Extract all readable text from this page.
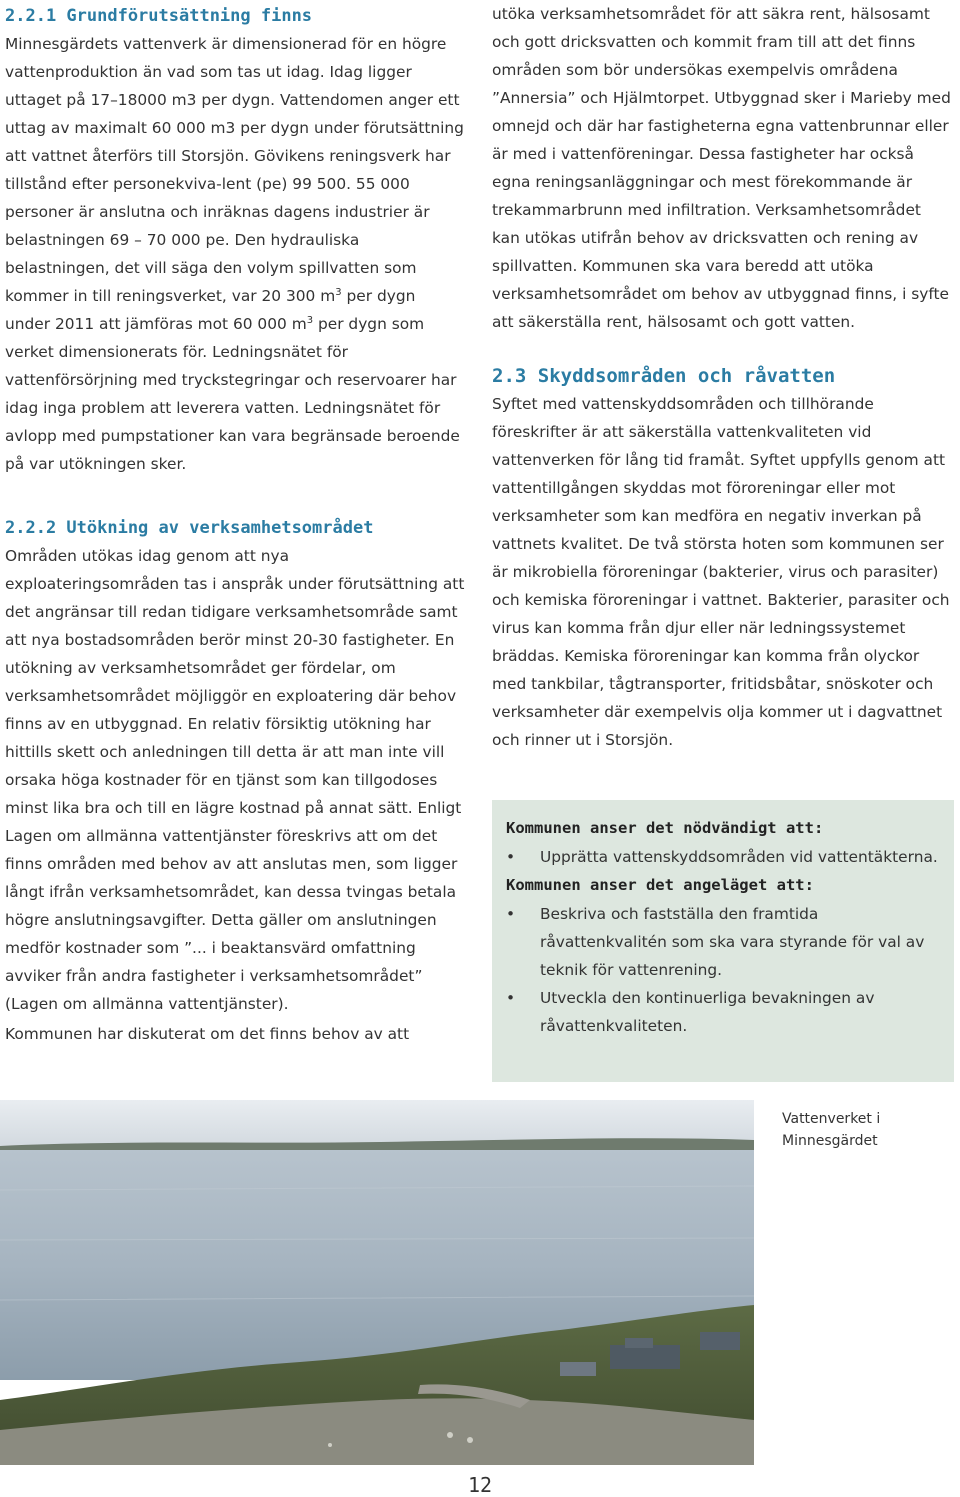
2.2.1 Grundförutsättning finns

Minnesgärdets vattenverk är dimensionerad för en högre vattenproduktion än vad som tas ut idag. Idag ligger uttaget på 17–18000 m3 per dygn. Vattendomen anger ett uttag av maximalt 60 000 m3 per dygn under förutsättning att vattnet återförs till Storsjön. Gövikens reningsverk har tillstånd efter personekviva-lent (pe) 99 500. 55 000 personer är anslutna och inräknas dagens industrier är belastningen 69 – 70 000 pe. Den hydrauliska belastningen, det vill säga den volym spillvatten som kommer in till reningsverket, var 20 300 $m^3$ per dygn under 2011 att jämföras mot 60 000 $m^3$ per dygn som verket dimensionerats för. Ledningsnätet för vattenförsörjning med tryckstegringar och reservoarer har idag inga problem att leverera vatten. Ledningsnätet för avlopp med pumpstationer kan vara begränsade beroende på var utökningen sker.

2.2.2 Utökning av verksamhetsområdet

Områden utökas idag genom att nya exploateringsområden tas i anspråk under förutsättning att det angränsar till redan tidigare verksamhetsområde samt att nya bostadsområden berör minst 20-30 fastigheter. En utökning av verksamhetsområdet ger fördelar, om verksamhetsområdet möjliggör en exploatering där behov finns av en utbyggnad. En relativ försiktig utökning har hittills skett och anledningen till detta är att man inte vill orsaka höga kostnader för en tjänst som kan tillgodoses minst lika bra och till en lägre kostnad på annat sätt. Enligt Lagen om allmänna vattentjänster föreskrivs att om det finns områden med behov av att anslutas men, som ligger långt ifrån verksamhetsområdet, kan dessa tvingas betala högre anslutningsavgifter. Detta gäller om anslutningen medför kostnader som ”... i beaktansvärd omfattning avviker från andra fastigheter i verksamhetsområdet” (Lagen om allmänna vattentjänster).

Kommunen har diskuterat om det finns behov av att

utöka verksamhetsområdet för att säkra rent, hälsosamt och gott dricksvatten och kommit fram till att det finns områden som bör undersökas exempelvis områdena ”Annersia” och Hjälmtorpet. Utbyggnad sker i Marieby med omnejd och där har fastigheterna egna vattenbrunnar eller är med i vattenföreningar. Dessa fastigheter har också egna reningsanläggningar och mest förekommande är trekammarbrunn med infiltration. Verksamhetsområdet kan utökas utifrån behov av dricksvatten och rening av spillvatten. Kommunen ska vara beredd att utöka verksamhetsområdet om behov av utbyggnad finns, i syfte att säkerställa rent, hälsosamt och gott vatten.

2.3 Skyddsområden och råvatten

Syftet med vattenskyddsområden och tillhörande föreskrifter är att säkerställa vattenkvaliteten vid vattenverken för lång tid framåt. Syftet uppfylls genom att vattentillgången skyddas mot föroreningar eller mot verksamheter som kan medföra en negativ inverkan på vattnets kvalitet. De två största hoten som kommunen ser är mikrobiella föroreningar (bakterier, virus och parasiter) och kemiska föroreningar i vattnet. Bakterier, parasiter och virus kan komma från djur eller när ledningssystemet bräddas. Kemiska föroreningar kan komma från olyckor med tankbilar, tågtransporter, fritidsbåtar, snöskoter och verksamheter där exempelvis olja kommer ut i dagvattnet och rinner ut i Storsjön.

Kommunen anser det nödvändigt att:
• Upprätta vattenskyddsområden vid vattentäkterna.
Kommunen anser det angeläget att:
• Beskriva och fastställa den framtida råvattenkvalitén som ska vara styrande för val av teknik för vattenrening.
• Utveckla den kontinuerliga bevakningen av råvattenkvaliteten.
Vattenverket i Minnesgärdet
12
